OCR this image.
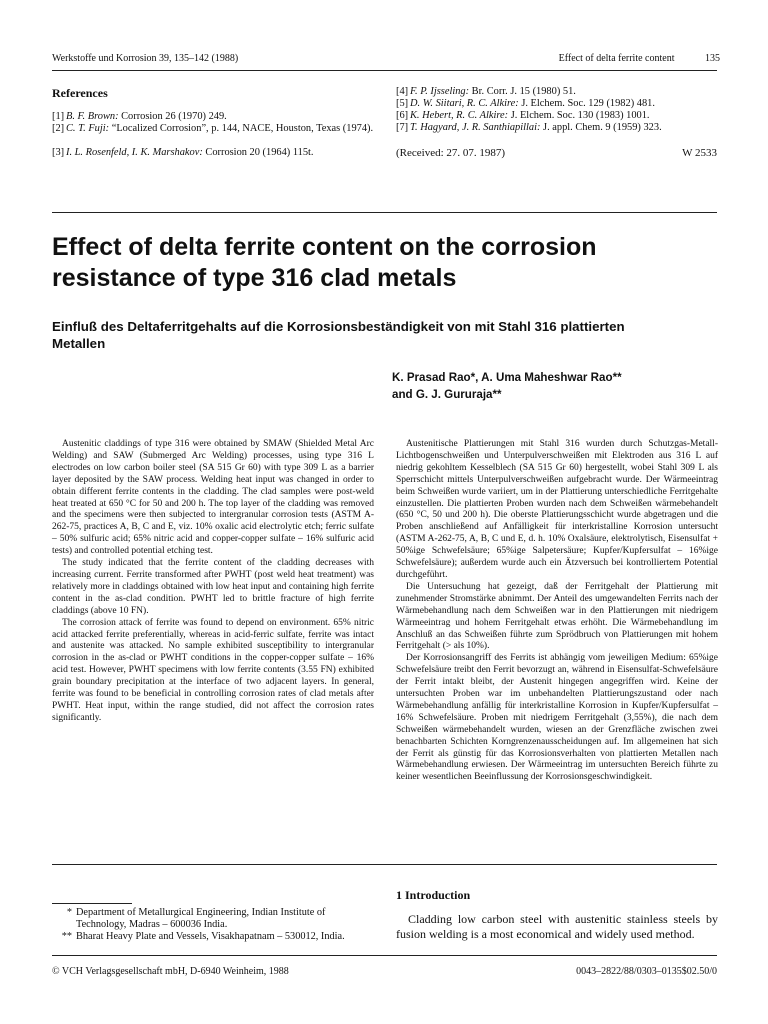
Werkstoffe und Korrosion 39, 135–142 (1988)	Effect of delta ferrite content	135
References
[1] B. F. Brown: Corrosion 26 (1970) 249.
[2] C. T. Fuji: “Localized Corrosion”, p. 144, NACE, Houston, Texas (1974).
[3] I. L. Rosenfeld, I. K. Marshakov: Corrosion 20 (1964) 115t.
[4] F. P. Ijsseling: Br. Corr. J. 15 (1980) 51.
[5] D. W. Siitari, R. C. Alkire: J. Elchem. Soc. 129 (1982) 481.
[6] K. Hebert, R. C. Alkire: J. Elchem. Soc. 130 (1983) 1001.
[7] T. Hagyard, J. R. Santhiapillai: J. appl. Chem. 9 (1959) 323.
(Received: 27. 07. 1987)	W 2533
Effect of delta ferrite content on the corrosion resistance of type 316 clad metals
Einfluß des Deltaferritgehalts auf die Korrosionsbeständigkeit von mit Stahl 316 plattierten Metallen
K. Prasad Rao*, A. Uma Maheshwar Rao**
and G. J. Gururaja**

Austenitic claddings of type 316 were obtained by SMAW (Shielded Metal Arc Welding) and SAW (Submerged Arc Welding) processes, using type 316 L electrodes on low carbon boiler steel (SA 515 Gr 60) with type 309 L as a barrier layer deposited by the SAW process. Welding heat input was changed in order to obtain different ferrite contents in the cladding. The clad samples were post-weld heat treated at 650 °C for 50 and 200 h. The top layer of the cladding was removed and the specimens were then subjected to intergranular corrosion tests (ASTM A-262-75, practices A, B, C and E, viz. 10% oxalic acid electrolytic etch; ferric sulfate – 50% sulfuric acid; 65% nitric acid and copper-copper sulfate – 16% sulfuric acid tests) and controlled potential etching test.

The study indicated that the ferrite content of the cladding decreases with increasing current. Ferrite transformed after PWHT (post weld heat treatment) was relatively more in claddings obtained with low heat input and containing high ferrite content in the as-clad condition. PWHT led to brittle fracture of high ferrite claddings (above 10 FN).

The corrosion attack of ferrite was found to depend on environment. 65% nitric acid attacked ferrite preferentially, whereas in acid-ferric sulfate, ferrite was intact and austenite was attacked. No sample exhibited susceptibility to intergranular corrosion in the as-clad or PWHT conditions in the copper-copper sulfate – 16% acid test. However, PWHT specimens with low ferrite contents (3.55 FN) exhibited grain boundary precipitation at the interface of two adjacent layers. In general, ferrite was found to be beneficial in controlling corrosion rates of clad metals after PWHT. Heat input, within the range studied, did not affect the corrosion rates significantly.

Austenitische Plattierungen mit Stahl 316 wurden durch Schutzgas-Metall-Lichtbogenschweißen und Unterpulverschweißen mit Elektroden aus 316 L auf niedrig gekohltem Kesselblech (SA 515 Gr 60) hergestellt, wobei Stahl 309 L als Sperrschicht mittels Unterpulverschweißen aufgebracht wurde. Der Wärmeeintrag beim Schweißen wurde variiert, um in der Plattierung unterschiedliche Ferritgehalte einzustellen. Die plattierten Proben wurden nach dem Schweißen wärmebehandelt (650 °C, 50 und 200 h). Die oberste Plattierungsschicht wurde abgetragen und die Proben anschließend auf Anfälligkeit für interkristalline Korrosion untersucht (ASTM A-262-75, A, B, C und E, d. h. 10% Oxalsäure, elektrolytisch, Eisensulfat + 50%ige Schwefelsäure; 65%ige Salpetersäure; Kupfer/Kupfersulfat – 16%ige Schwefelsäure); außerdem wurde auch ein Ätzversuch bei kontrolliertem Potential durchgeführt.

Die Untersuchung hat gezeigt, daß der Ferritgehalt der Plattierung mit zunehmender Stromstärke abnimmt. Der Anteil des umgewandelten Ferrits nach der Wärmebehandlung nach dem Schweißen war in den Plattierungen mit niedrigem Wärmeeintrag und hohem Ferritgehalt etwas erhöht. Die Wärmebehandlung im Anschluß an das Schweißen führte zum Sprödbruch von Plattierungen mit hohem Ferritgehalt (> als 10%).

Der Korrosionsangriff des Ferrits ist abhängig vom jeweiligen Medium: 65%ige Schwefelsäure treibt den Ferrit bevorzugt an, während in Eisensulfat-Schwefelsäure der Ferrit intakt bleibt, der Austenit hingegen angegriffen wird. Keine der untersuchten Proben war im unbehandelten Plattierungszustand oder nach Wärmebehandlung anfällig für interkristalline Korrosion in Kupfer/Kupfersulfat – 16% Schwefelsäure. Proben mit niedrigem Ferritgehalt (3,55%), die nach dem Schweißen wärmebehandelt wurden, wiesen an der Grenzfläche zwischen zwei benachbarten Schichten Korngrenzenausscheidungen auf. Im allgemeinen hat sich der Ferrit als günstig für das Korrosionsverhalten von plattierten Metallen nach Wärmebehandlung erwiesen. Der Wärmeeintrag im untersuchten Bereich führte zu keiner wesentlichen Beeinflussung der Korrosionsgeschwindigkeit.

1 Introduction
Cladding low carbon steel with austenitic stainless steels by fusion welding is a most economical and widely used method.
* Department of Metallurgical Engineering, Indian Institute of
Technology, Madras – 600036 India.
** Bharat Heavy Plate and Vessels, Visakhapatnam – 530012, India.
© VCH Verlagsgesellschaft mbH, D-6940 Weinheim, 1988	0043–2822/88/0303–0135$02.50/0
